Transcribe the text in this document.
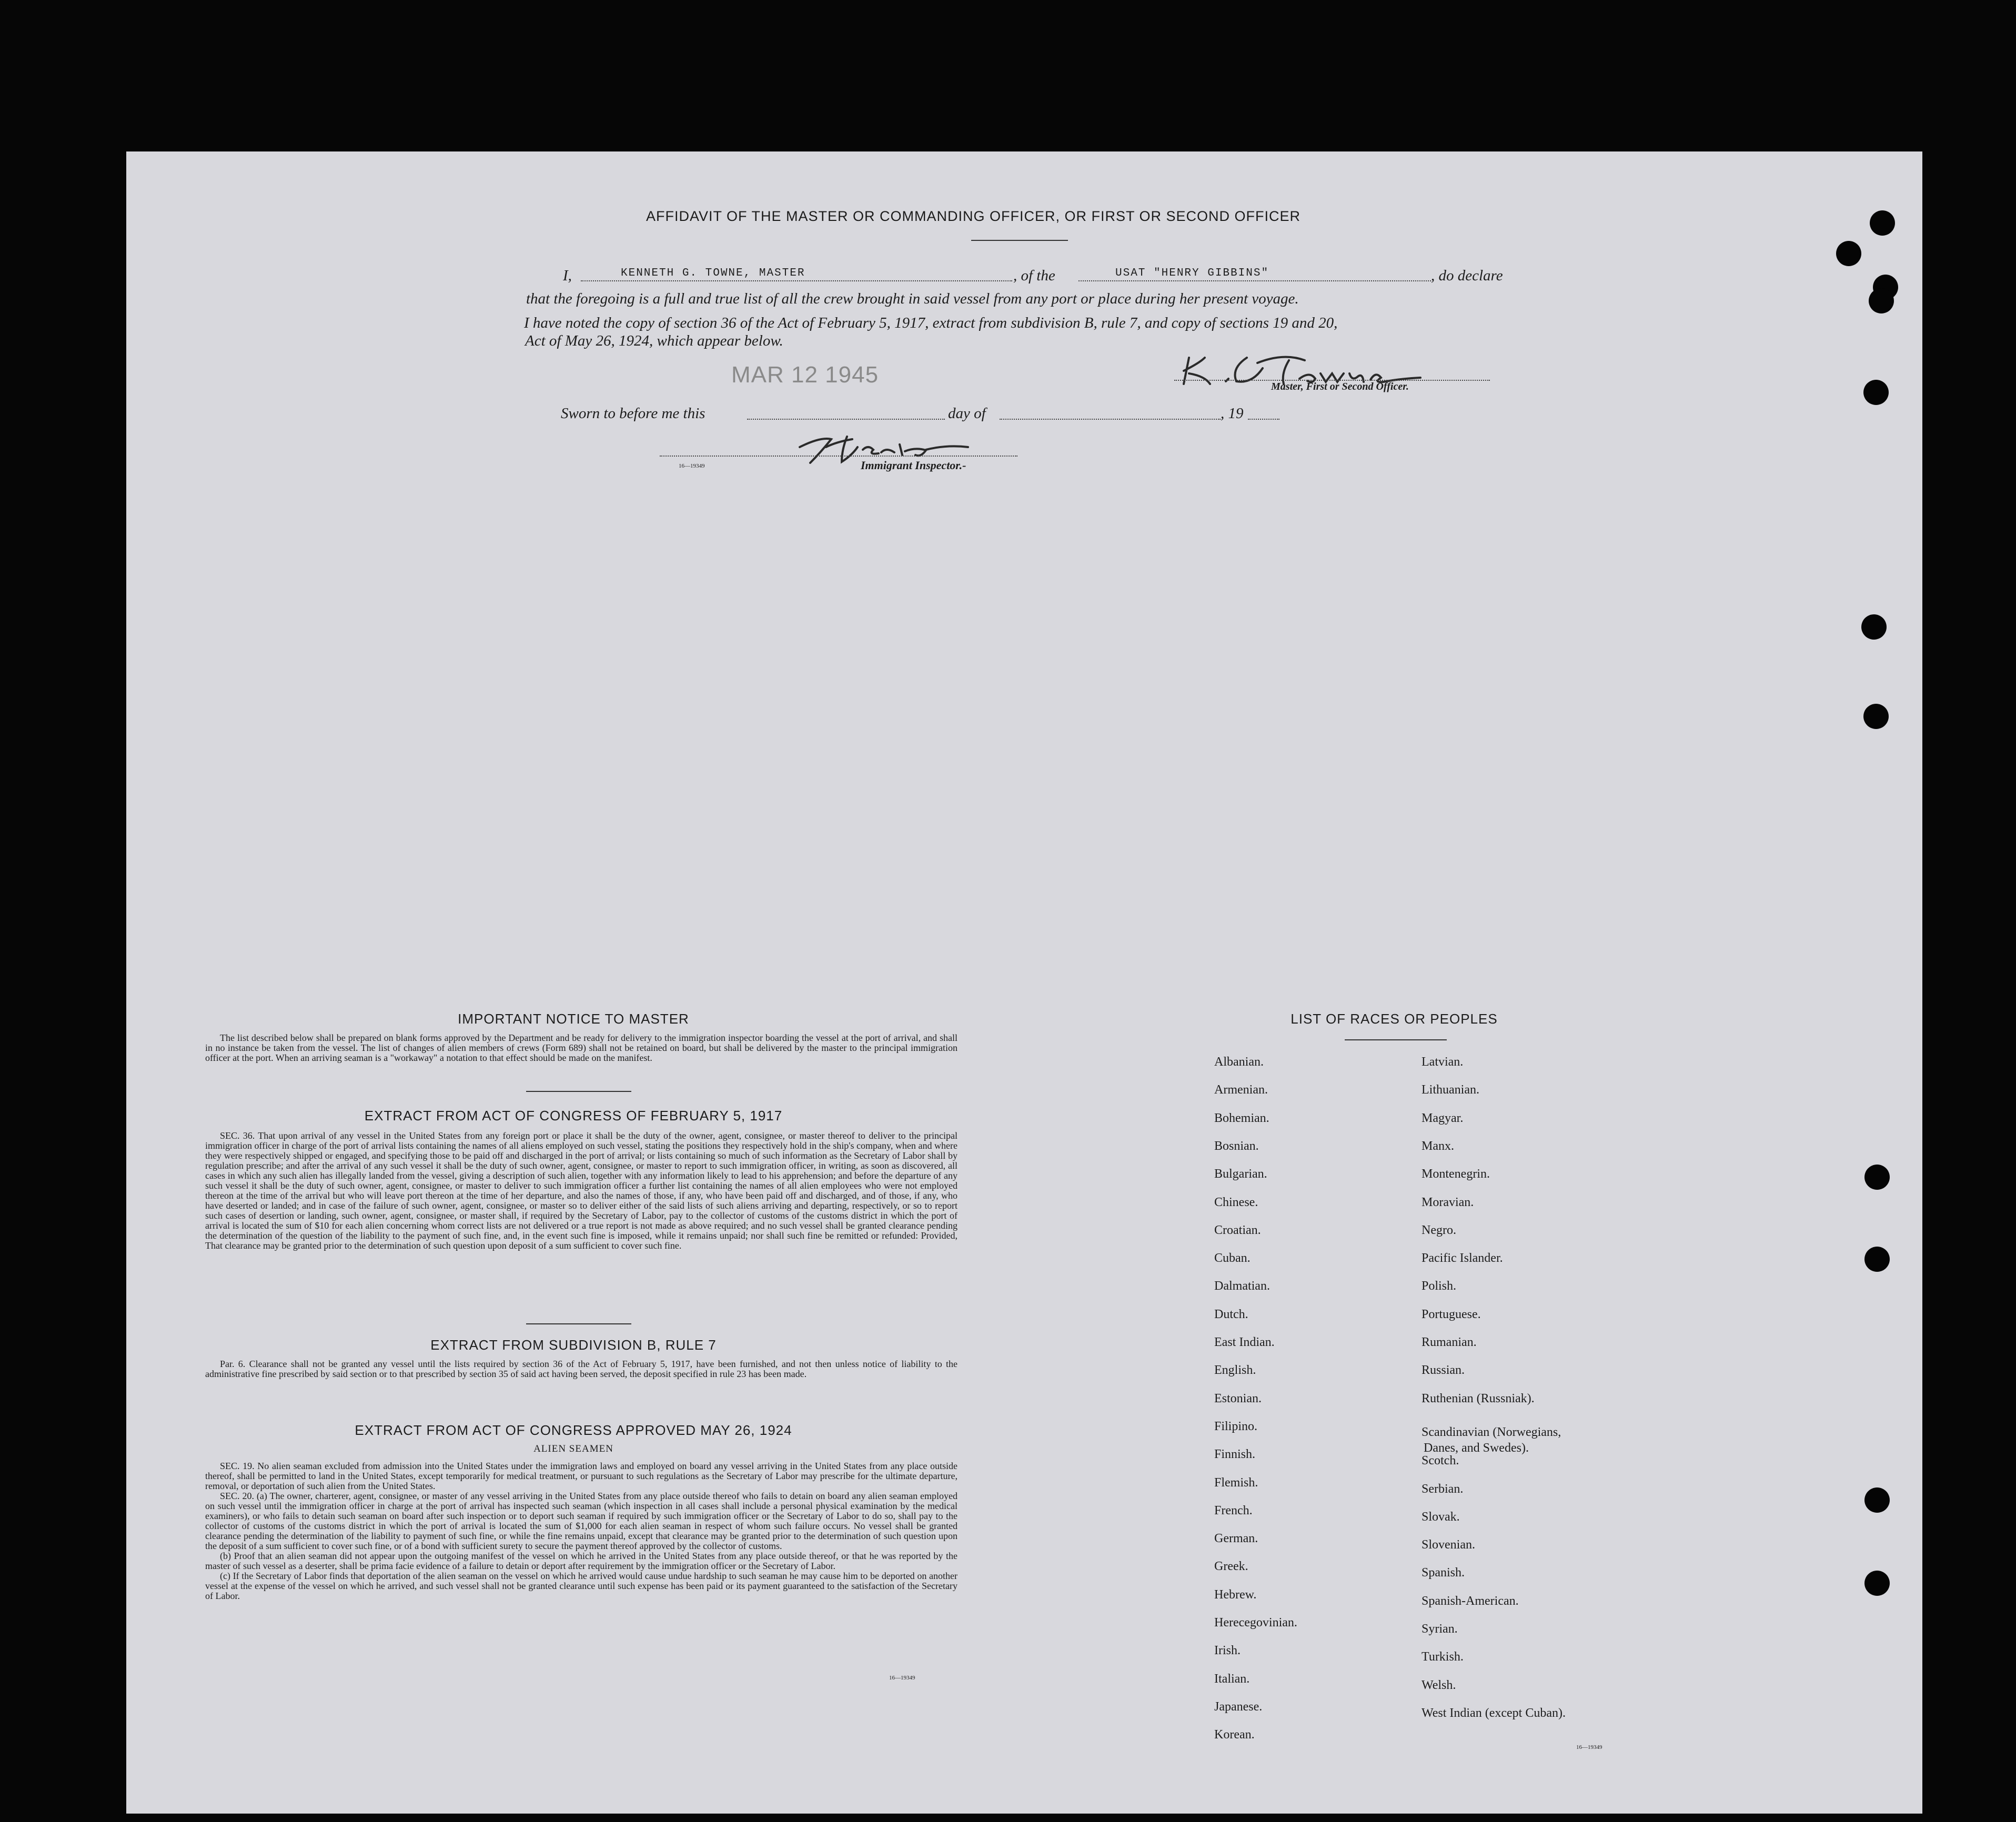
AFFIDAVIT OF THE MASTER OR COMMANDING OFFICER, OR FIRST OR SECOND OFFICER
I,	KENNETH G. TOWNE, MASTER	, of the	USAT "HENRY GIBBINS"	, do declare
that the foregoing is a full and true list of all the crew brought in said vessel from any port or place during her present voyage.
I have noted the copy of section 36 of the Act of February 5, 1917, extract from subdivision B, rule 7, and copy of sections 19 and 20,
Act of May 26, 1924, which appear below.
MAR 12 1945	Master, First or Second Officer.
Sworn to before me this	day of	, 19
16—19349	Immigrant Inspector.-
IMPORTANT NOTICE TO MASTER

The list described below shall be prepared on blank forms approved by the Department and be ready for delivery to the immigration inspector boarding the vessel at the port of arrival, and shall in no instance be taken from the vessel. The list of changes of alien members of crews (Form 689) shall not be retained on board, but shall be delivered by the master to the principal immigration officer at the port. When an arriving seaman is a "workaway" a notation to that effect should be made on the manifest.

EXTRACT FROM ACT OF CONGRESS OF FEBRUARY 5, 1917

SEC. 36. That upon arrival of any vessel in the United States from any foreign port or place it shall be the duty of the owner, agent, consignee, or master thereof to deliver to the principal immigration officer in charge of the port of arrival lists containing the names of all aliens employed on such vessel, stating the positions they respectively hold in the ship's company, when and where they were respectively shipped or engaged, and specifying those to be paid off and discharged in the port of arrival; or lists containing so much of such information as the Secretary of Labor shall by regulation prescribe; and after the arrival of any such vessel it shall be the duty of such owner, agent, consignee, or master to report to such immigration officer, in writing, as soon as discovered, all cases in which any such alien has illegally landed from the vessel, giving a description of such alien, together with any information likely to lead to his apprehension; and before the departure of any such vessel it shall be the duty of such owner, agent, consignee, or master to deliver to such immigration officer a further list containing the names of all alien employees who were not employed thereon at the time of the arrival but who will leave port thereon at the time of her departure, and also the names of those, if any, who have been paid off and discharged, and of those, if any, who have deserted or landed; and in case of the failure of such owner, agent, consignee, or master so to deliver either of the said lists of such aliens arriving and departing, respectively, or so to report such cases of desertion or landing, such owner, agent, consignee, or master shall, if required by the Secretary of Labor, pay to the collector of customs of the customs district in which the port of arrival is located the sum of $10 for each alien concerning whom correct lists are not delivered or a true report is not made as above required; and no such vessel shall be granted clearance pending the determination of the question of the liability to the payment of such fine, and, in the event such fine is imposed, while it remains unpaid; nor shall such fine be remitted or refunded: Provided, That clearance may be granted prior to the determination of such question upon deposit of a sum sufficient to cover such fine.

EXTRACT FROM SUBDIVISION B, RULE 7

Par. 6. Clearance shall not be granted any vessel until the lists required by section 36 of the Act of February 5, 1917, have been furnished, and not then unless notice of liability to the administrative fine prescribed by said section or to that prescribed by section 35 of said act having been served, the deposit specified in rule 23 has been made.

EXTRACT FROM ACT OF CONGRESS APPROVED MAY 26, 1924
ALIEN SEAMEN

SEC. 19. No alien seaman excluded from admission into the United States under the immigration laws and employed on board any vessel arriving in the United States from any place outside thereof, shall be permitted to land in the United States, except temporarily for medical treatment, or pursuant to such regulations as the Secretary of Labor may prescribe for the ultimate departure, removal, or deportation of such alien from the United States.

SEC. 20. (a) The owner, charterer, agent, consignee, or master of any vessel arriving in the United States from any place outside thereof who fails to detain on board any alien seaman employed on such vessel until the immigration officer in charge at the port of arrival has inspected such seaman (which inspection in all cases shall include a personal physical examination by the medical examiners), or who fails to detain such seaman on board after such inspection or to deport such seaman if required by such immigration officer or the Secretary of Labor to do so, shall pay to the collector of customs of the customs district in which the port of arrival is located the sum of $1,000 for each alien seaman in respect of whom such failure occurs. No vessel shall be granted clearance pending the determination of the liability to payment of such fine, or while the fine remains unpaid, except that clearance may be granted prior to the determination of such question upon the deposit of a sum sufficient to cover such fine, or of a bond with sufficient surety to secure the payment thereof approved by the collector of customs.

(b) Proof that an alien seaman did not appear upon the outgoing manifest of the vessel on which he arrived in the United States from any place outside thereof, or that he was reported by the master of such vessel as a deserter, shall be prima facie evidence of a failure to detain or deport after requirement by the immigration officer or the Secretary of Labor.

(c) If the Secretary of Labor finds that deportation of the alien seaman on the vessel on which he arrived would cause undue hardship to such seaman he may cause him to be deported on another vessel at the expense of the vessel on which he arrived, and such vessel shall not be granted clearance until such expense has been paid or its payment guaranteed to the satisfaction of the Secretary of Labor.

16—19349
LIST OF RACES OR PEOPLES
Albanian.
Armenian.
Bohemian.
Bosnian.
Bulgarian.
Chinese.
Croatian.
Cuban.
Dalmatian.
Dutch.
East Indian.
English.
Estonian.
Filipino.
Finnish.
Flemish.
French.
German.
Greek.
Hebrew.
Herecegovinian.
Irish.
Italian.
Japanese.
Korean.
Latvian.
Lithuanian.
Magyar.
Manx.
Montenegrin.
Moravian.
Negro.
Pacific Islander.
Polish.
Portuguese.
Rumanian.
Russian.
Ruthenian (Russniak).
Scandinavian (Norwegians,
Danes, and Swedes).
Scotch.
Serbian.
Slovak.
Slovenian.
Spanish.
Spanish-American.
Syrian.
Turkish.
Welsh.
West Indian (except Cuban).
16—19349
